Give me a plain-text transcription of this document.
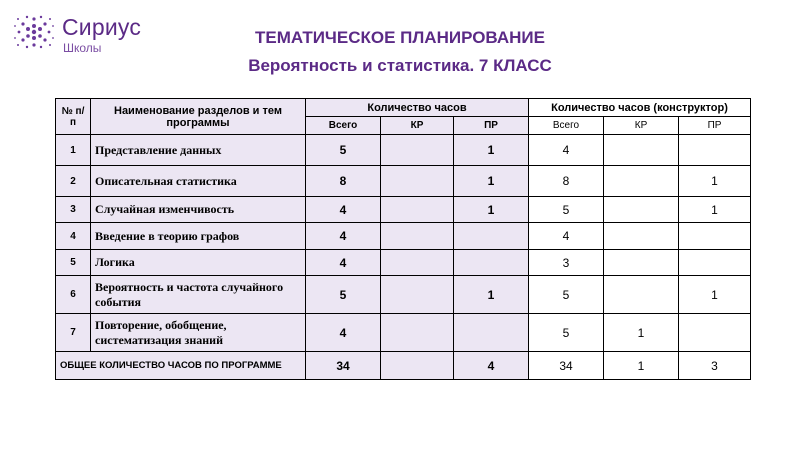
Сириус
Школы
ТЕМАТИЧЕСКОЕ ПЛАНИРОВАНИЕ
Вероятность и статистика. 7 КЛАСС
№ п/п	Наименование разделов и тем программы	Количество часов			Количество часов (конструктор)		
		Всего	КР	ПР	Всего	КР	ПР
1	Представление данных	5		1	4		
2	Описательная статистика	8		1	8		1
3	Случайная изменчивость	4		1	5		1
4	Введение в теорию графов	4			4		
5	Логика	4			3		
6	Вероятность и частота случайного события	5		1	5		1
7	Повторение, обобщение, систематизация знаний	4			5	1	
ОБЩЕЕ КОЛИЧЕСТВО ЧАСОВ ПО ПРОГРАММЕ		34		4	34	1	3
